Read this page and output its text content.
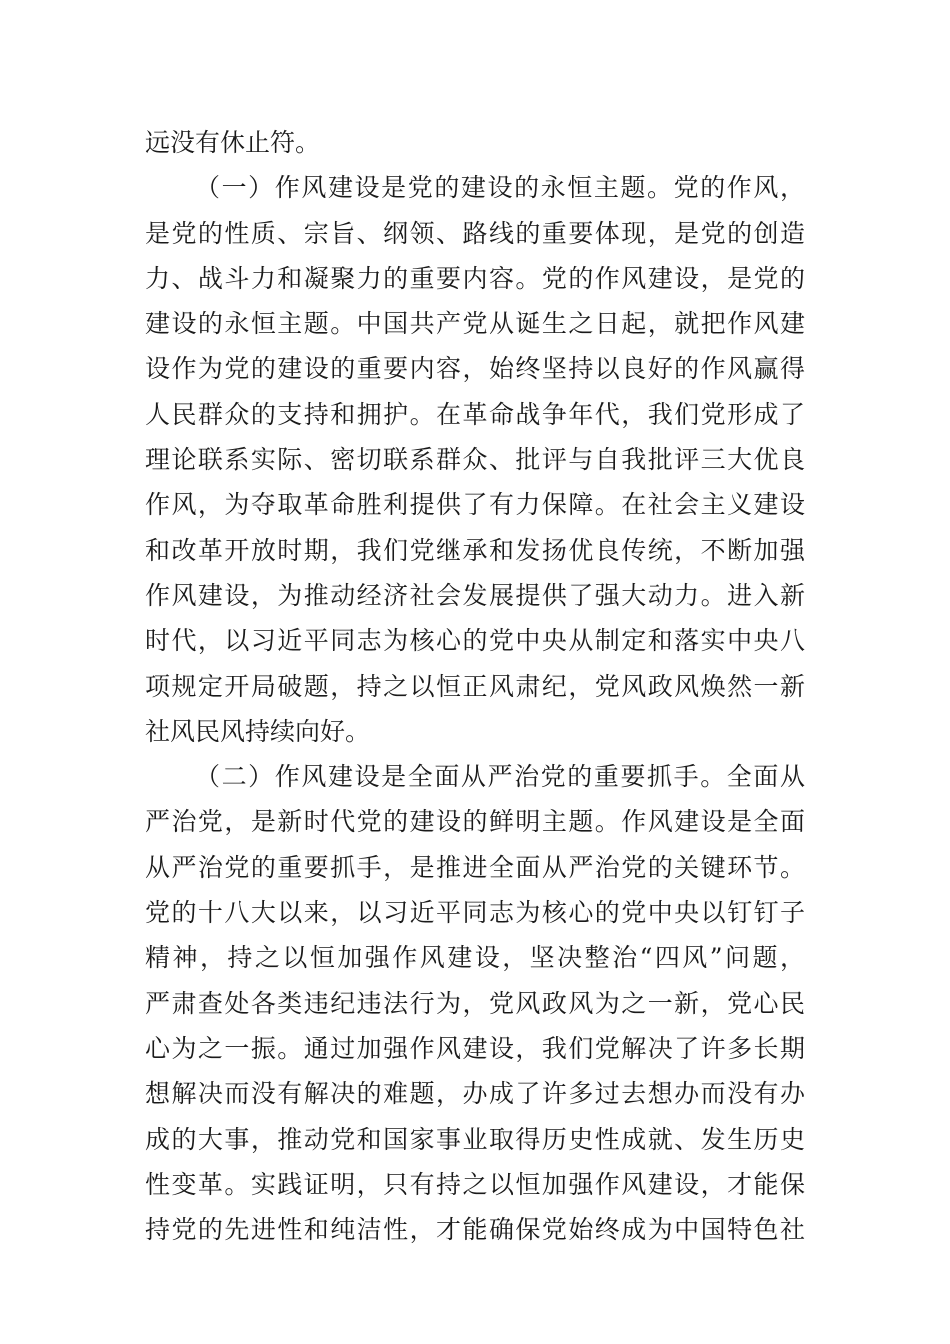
远没有休止符。
（一）作风建设是党的建设的永恒主题。党的作风，
是党的性质、宗旨、纲领、路线的重要体现，是党的创造
力、战斗力和凝聚力的重要内容。党的作风建设，是党的
建设的永恒主题。中国共产党从诞生之日起，就把作风建
设作为党的建设的重要内容，始终坚持以良好的作风赢得
人民群众的支持和拥护。在革命战争年代，我们党形成了
理论联系实际、密切联系群众、批评与自我批评三大优良
作风，为夺取革命胜利提供了有力保障。在社会主义建设
和改革开放时期，我们党继承和发扬优良传统，不断加强
作风建设，为推动经济社会发展提供了强大动力。进入新
时代，以习近平同志为核心的党中央从制定和落实中央八
项规定开局破题，持之以恒正风肃纪，党风政风焕然一新
社风民风持续向好。
（二）作风建设是全面从严治党的重要抓手。全面从
严治党，是新时代党的建设的鲜明主题。作风建设是全面
从严治党的重要抓手，是推进全面从严治党的关键环节。
党的十八大以来，以习近平同志为核心的党中央以钉钉子
精神，持之以恒加强作风建设，坚决整治“四风”问题，
严肃查处各类违纪违法行为，党风政风为之一新，党心民
心为之一振。通过加强作风建设，我们党解决了许多长期
想解决而没有解决的难题，办成了许多过去想办而没有办
成的大事，推动党和国家事业取得历史性成就、发生历史
性变革。实践证明，只有持之以恒加强作风建设，才能保
持党的先进性和纯洁性，才能确保党始终成为中国特色社
